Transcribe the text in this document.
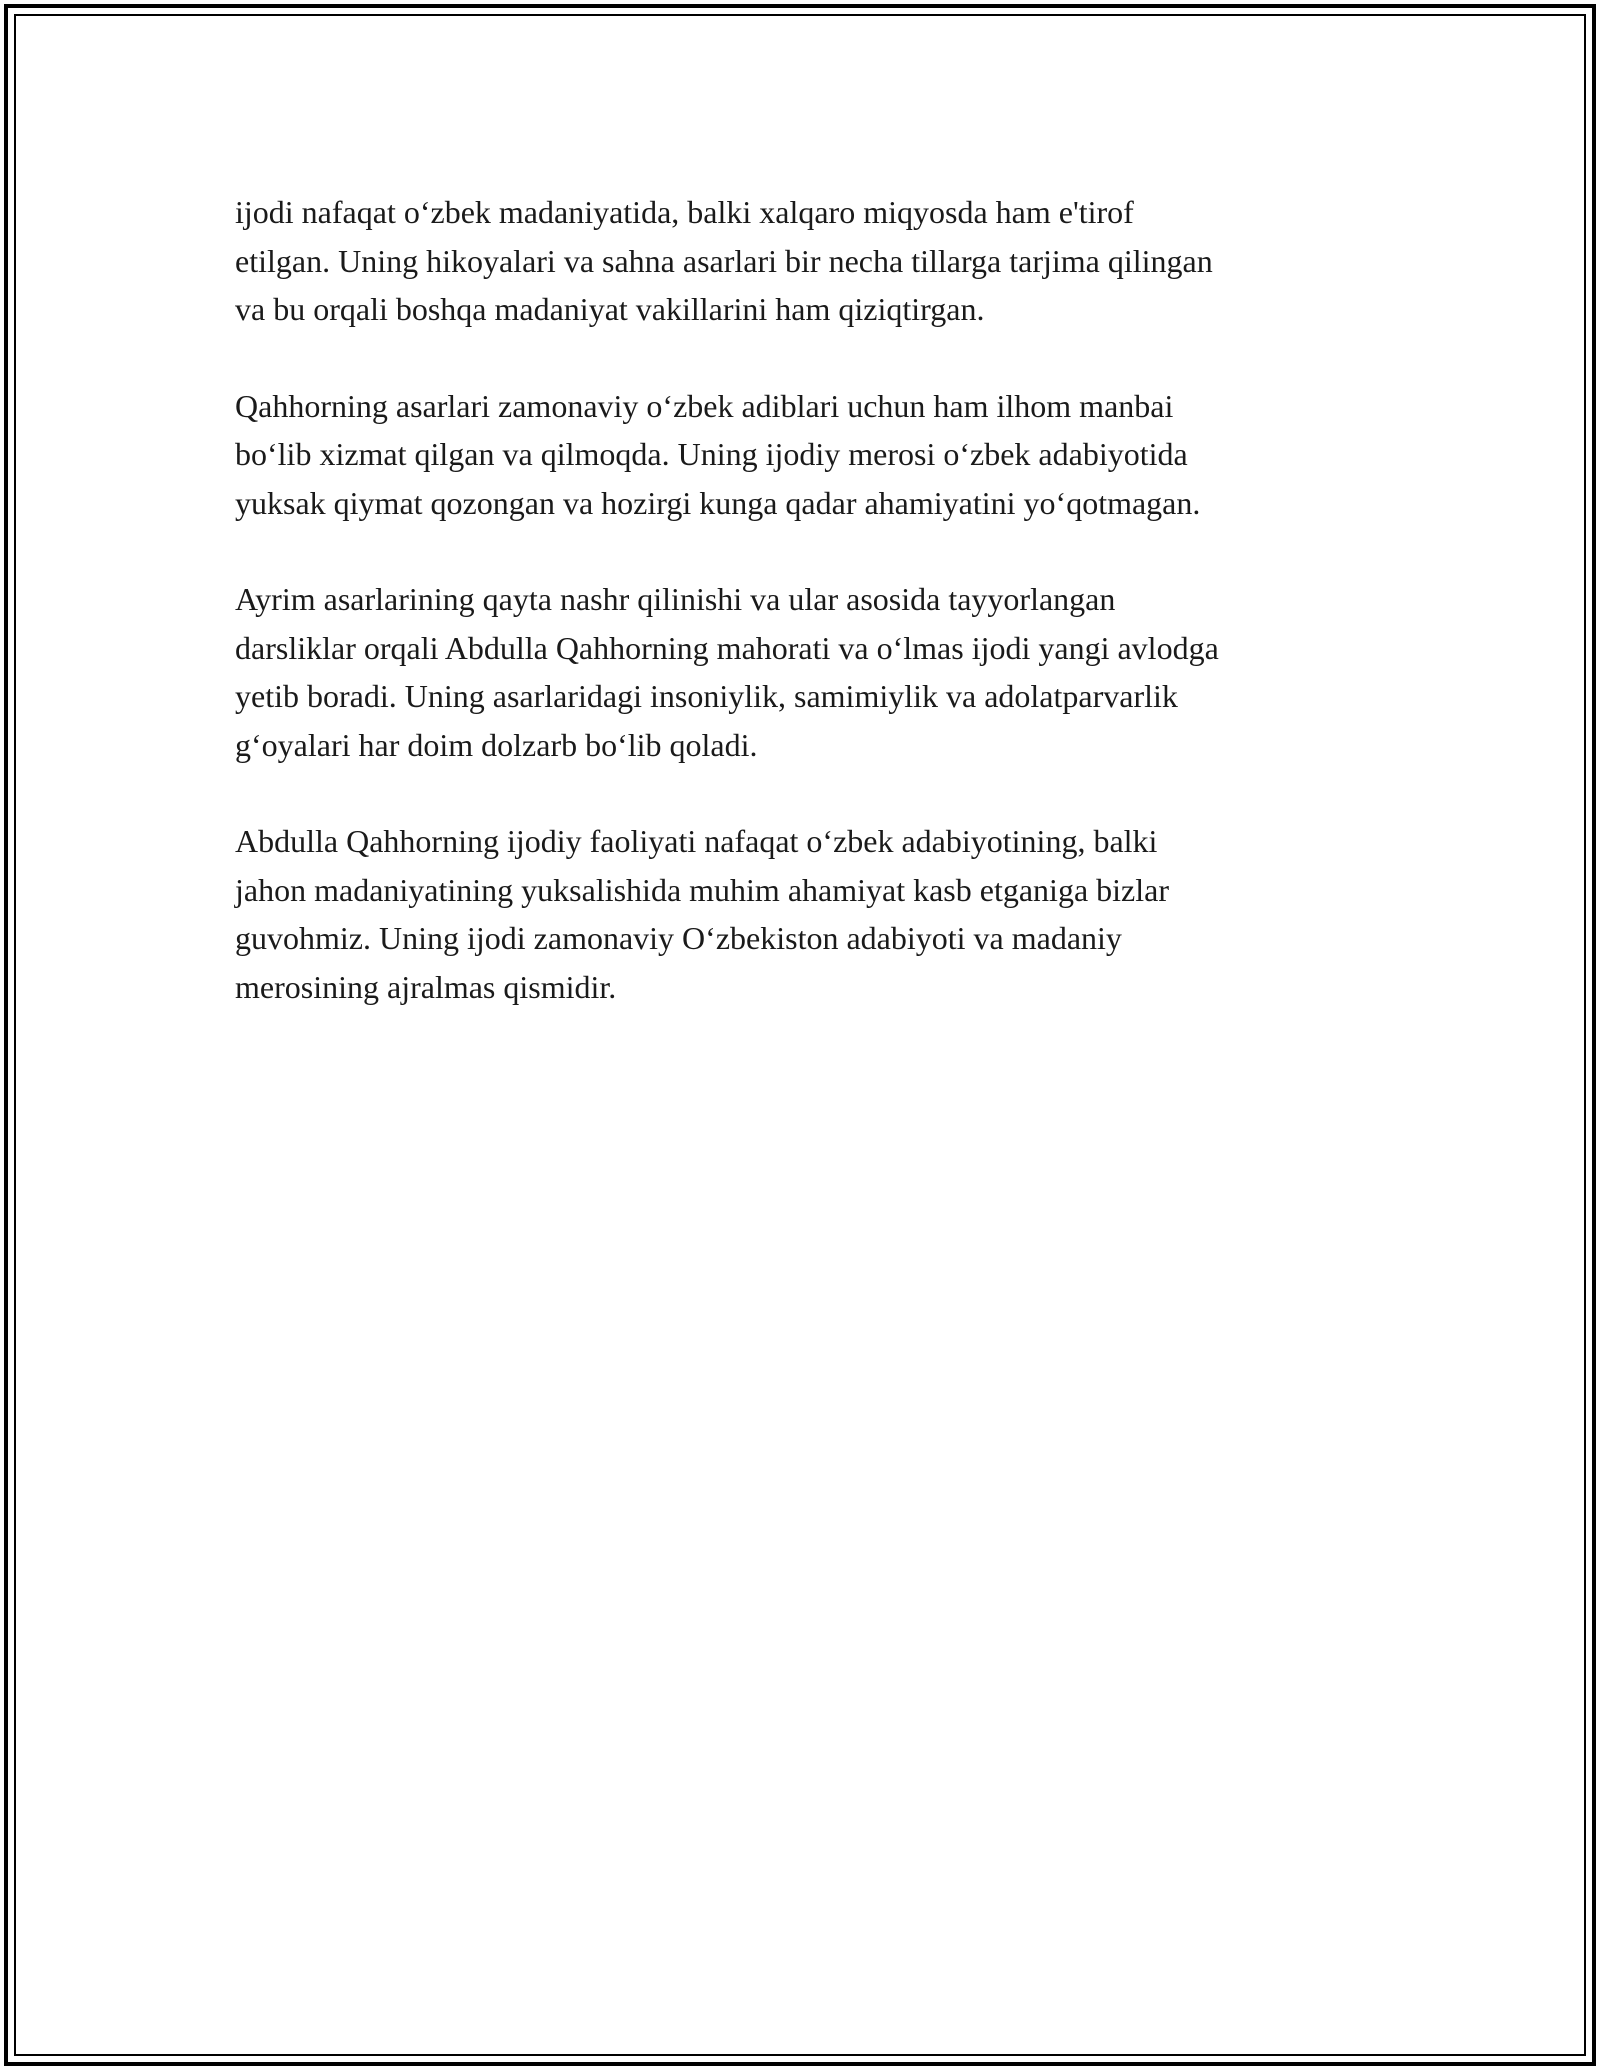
ijodi nafaqat o‘zbek madaniyatida, balki xalqaro miqyosda ham e'tirof
etilgan. Uning hikoyalari va sahna asarlari bir necha tillarga tarjima qilingan
va bu orqali boshqa madaniyat vakillarini ham qiziqtirgan.

Qahhorning asarlari zamonaviy o‘zbek adiblari uchun ham ilhom manbai
bo‘lib xizmat qilgan va qilmoqda. Uning ijodiy merosi o‘zbek adabiyotida
yuksak qiymat qozongan va hozirgi kunga qadar ahamiyatini yo‘qotmagan.

Ayrim asarlarining qayta nashr qilinishi va ular asosida tayyorlangan
darsliklar orqali Abdulla Qahhorning mahorati va o‘lmas ijodi yangi avlodga
yetib boradi. Uning asarlaridagi insoniylik, samimiylik va adolatparvarlik
g‘oyalari har doim dolzarb bo‘lib qoladi.

Abdulla Qahhorning ijodiy faoliyati nafaqat o‘zbek adabiyotining, balki
jahon madaniyatining yuksalishida muhim ahamiyat kasb etganiga bizlar
guvohmiz. Uning ijodi zamonaviy O‘zbekiston adabiyoti va madaniy
merosining ajralmas qismidir.
